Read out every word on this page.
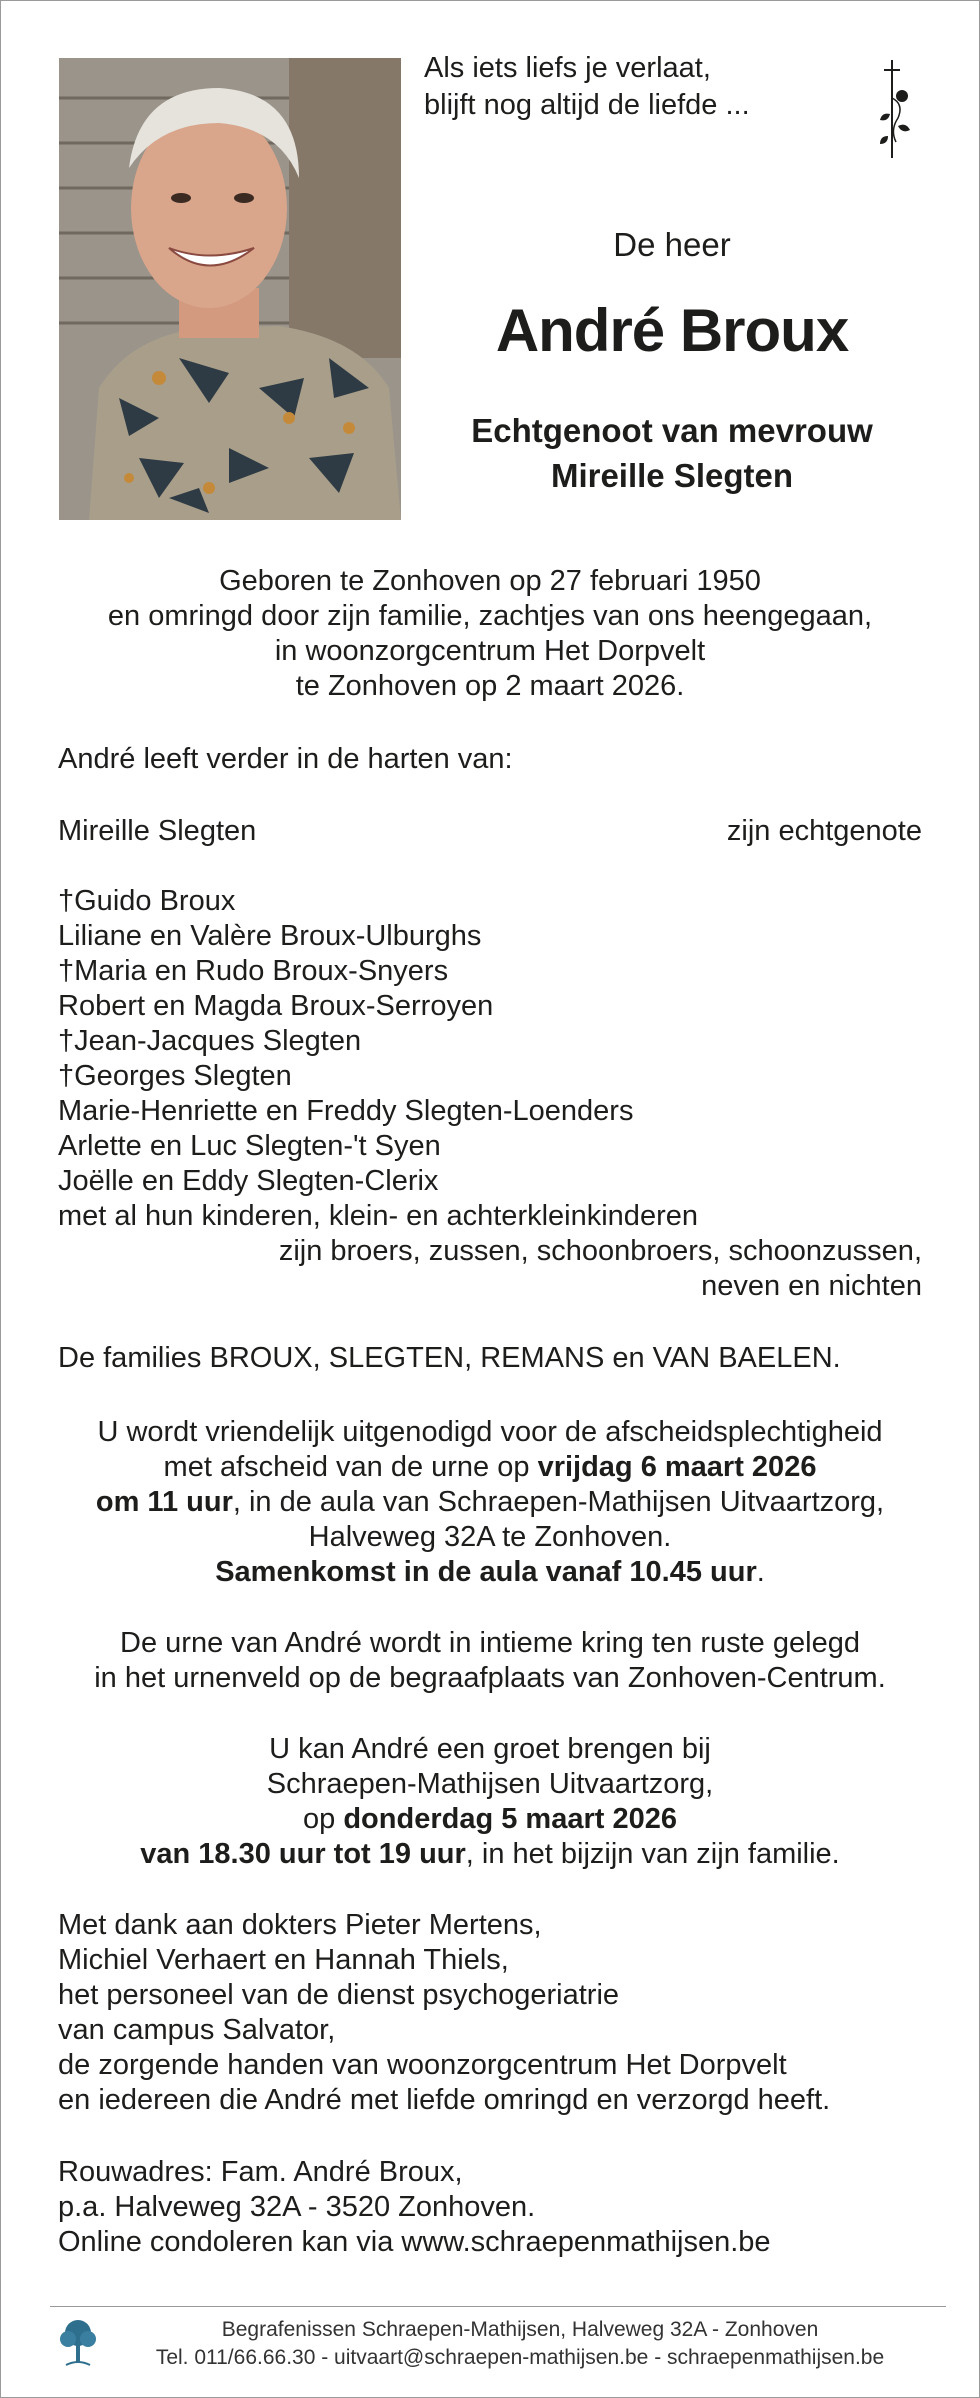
Als iets liefs je verlaat,
blijft nog altijd de liefde ...
De heer
André Broux
Echtgenoot van mevrouw
Mireille Slegten
Geboren te Zonhoven op 27 februari 1950
en omringd door zijn familie, zachtjes van ons heengegaan,
in woonzorgcentrum Het Dorpvelt
te Zonhoven op 2 maart 2026.
André leeft verder in de harten van:
Mireille Slegten	zijn echtgenote
†Guido Broux
Liliane en Valère Broux-Ulburghs
†Maria en Rudo Broux-Snyers
Robert en Magda Broux-Serroyen
†Jean-Jacques Slegten
†Georges Slegten
Marie-Henriette en Freddy Slegten-Loenders
Arlette en Luc Slegten-'t Syen
Joëlle en Eddy Slegten-Clerix
met al hun kinderen, klein- en achterkleinkinderen
zijn broers, zussen, schoonbroers, schoonzussen,
neven en nichten
De families BROUX, SLEGTEN, REMANS en VAN BAELEN.
U wordt vriendelijk uitgenodigd voor de afscheidsplechtigheid
met afscheid van de urne op vrijdag 6 maart 2026
om 11 uur, in de aula van Schraepen-Mathijsen Uitvaartzorg,
Halveweg 32A te Zonhoven.
Samenkomst in de aula vanaf 10.45 uur.
De urne van André wordt in intieme kring ten ruste gelegd
in het urnenveld op de begraafplaats van Zonhoven-Centrum.
U kan André een groet brengen bij
Schraepen-Mathijsen Uitvaartzorg,
op donderdag 5 maart 2026
van 18.30 uur tot 19 uur, in het bijzijn van zijn familie.
Met dank aan dokters Pieter Mertens,
Michiel Verhaert en Hannah Thiels,
het personeel van de dienst psychogeriatrie
van campus Salvator,
de zorgende handen van woonzorgcentrum Het Dorpvelt
en iedereen die André met liefde omringd en verzorgd heeft.
Rouwadres: Fam. André Broux,
p.a. Halveweg 32A - 3520 Zonhoven.
Online condoleren kan via www.schraepenmathijsen.be
Begrafenissen Schraepen-Mathijsen, Halveweg 32A - Zonhoven
Tel. 011/66.66.30 - uitvaart@schraepen-mathijsen.be - schraepenmathijsen.be
